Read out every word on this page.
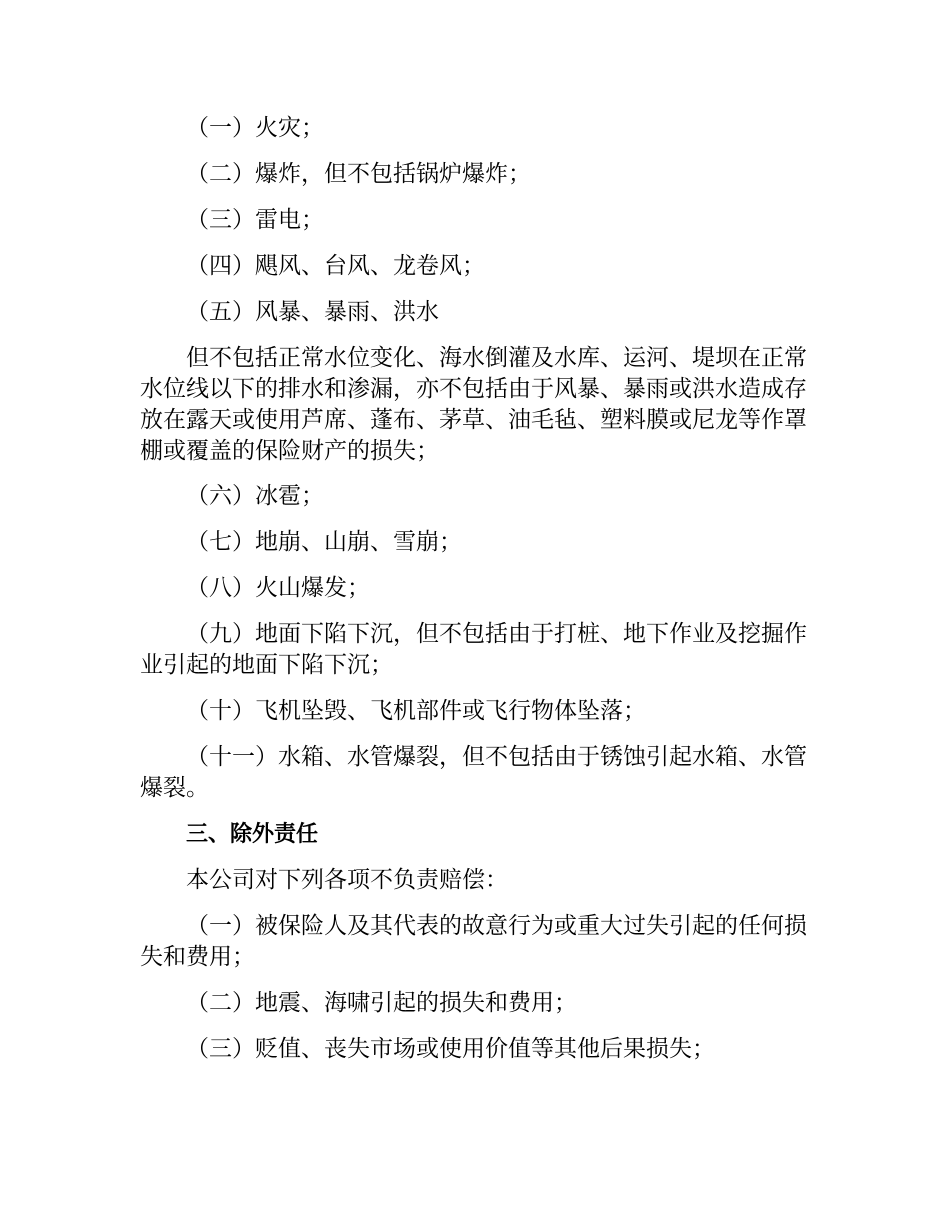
（一）火灾；

（二）爆炸，但不包括锅炉爆炸；

（三）雷电；

（四）飓风、台风、龙卷风；

（五）风暴、暴雨、洪水

但不包括正常水位变化、海水倒灌及水库、运河、堤坝在正常水位线以下的排水和渗漏，亦不包括由于风暴、暴雨或洪水造成存放在露天或使用芦席、蓬布、茅草、油毛毡、塑料膜或尼龙等作罩棚或覆盖的保险财产的损失；

（六）冰雹；

（七）地崩、山崩、雪崩；

（八）火山爆发；

（九）地面下陷下沉，但不包括由于打桩、地下作业及挖掘作业引起的地面下陷下沉；

（十）飞机坠毁、飞机部件或飞行物体坠落；

（十一）水箱、水管爆裂，但不包括由于锈蚀引起水箱、水管爆裂。

三、除外责任

本公司对下列各项不负责赔偿：

（一）被保险人及其代表的故意行为或重大过失引起的任何损失和费用；

（二）地震、海啸引起的损失和费用；

（三）贬值、丧失市场或使用价值等其他后果损失；
